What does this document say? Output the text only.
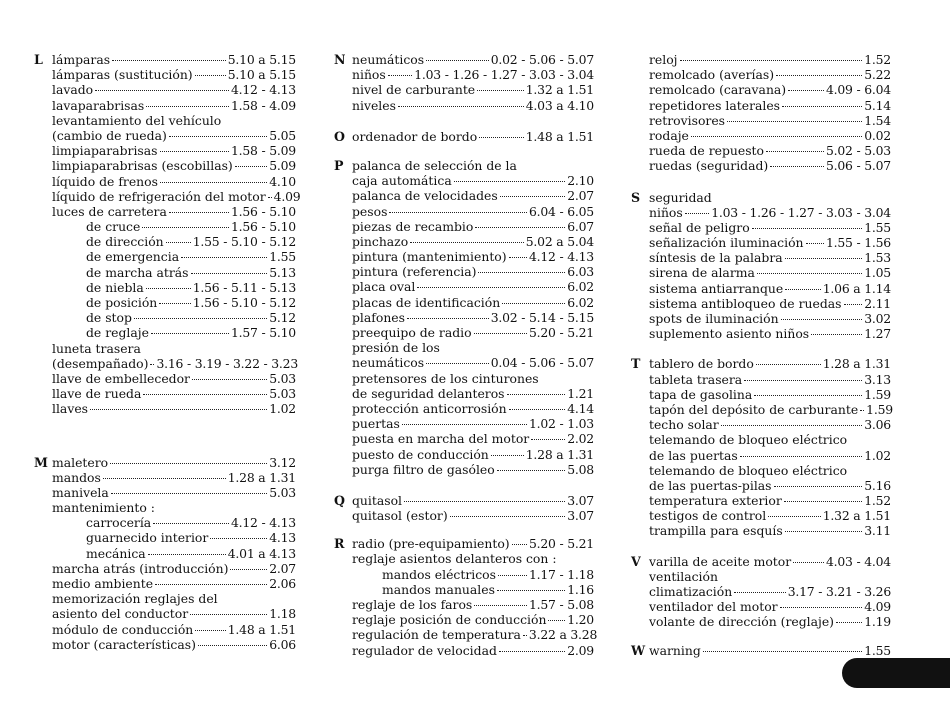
L lámparas	5.10 a 5.15
lámparas (sustitución)	5.10 a 5.15
lavado	4.12 - 4.13
lavaparabrisas	1.58 - 4.09
levantamiento del vehículo
(cambio de rueda)	5.05
limpiaparabrisas	1.58 - 5.09
limpiaparabrisas (escobillas)	5.09
líquido de frenos	4.10
líquido de refrigeración del motor 4.09
luces de carretera	1.56 - 5.10
de cruce	1.56 - 5.10
de dirección 1.55 - 5.10 - 5.12
de emergencia	1.55
de marcha atrás	5.13
de niebla	1.56 - 5.11 - 5.13
de posición	1.56 - 5.10 - 5.12
de stop	5.12
de reglaje	1.57 - 5.10
luneta trasera
(desempañado) 3.16 - 3.19 - 3.22 - 3.23
llave de embellecedor	5.03
llave de rueda	5.03
llaves	1.02
M maletero	3.12
mandos	1.28 a 1.31
manivela	5.03
mantenimiento :
carrocería	4.12 - 4.13
guarnecido interior	4.13
mecánica	4.01 a 4.13
marcha atrás (introducción)	2.07
medio ambiente	2.06
memorización reglajes del
asiento del conductor	1.18
módulo de conducción	1.48 a 1.51
motor (características)	6.06
N neumáticos	0.02 - 5.06 - 5.07
niños 1.03 - 1.26 - 1.27 - 3.03 - 3.04
nivel de carburante	1.32 a 1.51
niveles	4.03 a 4.10
O ordenador de bordo	1.48 a 1.51
P palanca de selección de la
caja automática	2.10
palanca de velocidades	2.07
pesos	6.04 - 6.05
piezas de recambio	6.07
pinchazo	5.02 a 5.04
pintura (mantenimiento) 4.12 - 4.13
pintura (referencia)	6.03
placa oval	6.02
placas de identificación	6.02
plafones	3.02 - 5.14 - 5.15
preequipo de radio	5.20 - 5.21
presión de los
neumáticos	0.04 - 5.06 - 5.07
pretensores de los cinturones
de seguridad delanteros	1.21
protección anticorrosión	4.14
puertas	1.02 - 1.03
puesta en marcha del motor	2.02
puesto de conducción	1.28 a 1.31
purga filtro de gasóleo	5.08
Q quitasol	3.07
quitasol (estor)	3.07
R radio (pre-equipamiento) 5.20 - 5.21
reglaje asientos delanteros con :
mandos eléctricos	1.17 - 1.18
mandos manuales	1.16
reglaje de los faros	1.57 - 5.08
reglaje posición de conducción 1.20
regulación de temperatura 3.22 a 3.28
regulador de velocidad	2.09
reloj	1.52
remolcado (averías)	5.22
remolcado (caravana)	4.09 - 6.04
repetidores laterales	5.14
retrovisores	1.54
rodaje	0.02
rueda de repuesto	5.02 - 5.03
ruedas (seguridad)	5.06 - 5.07
S seguridad
niños 1.03 - 1.26 - 1.27 - 3.03 - 3.04
señal de peligro	1.55
señalización iluminación 1.55 - 1.56
síntesis de la palabra	1.53
sirena de alarma	1.05
sistema antiarranque	1.06 a 1.14
sistema antibloqueo de ruedas 2.11
spots de iluminación	3.02
suplemento asiento niños	1.27
T tablero de bordo	1.28 a 1.31
tableta trasera	3.13
tapa de gasolina	1.59
tapón del depósito de carburante 1.59
techo solar	3.06
telemando de bloqueo eléctrico
de las puertas	1.02
telemando de bloqueo eléctrico
de las puertas-pilas	5.16
temperatura exterior	1.52
testigos de control	1.32 a 1.51
trampilla para esquís	3.11
V varilla de aceite motor	4.03 - 4.04
ventilación
climatización	3.17 - 3.21 - 3.26
ventilador del motor	4.09
volante de dirección (reglaje) 1.19
W warning	1.55
